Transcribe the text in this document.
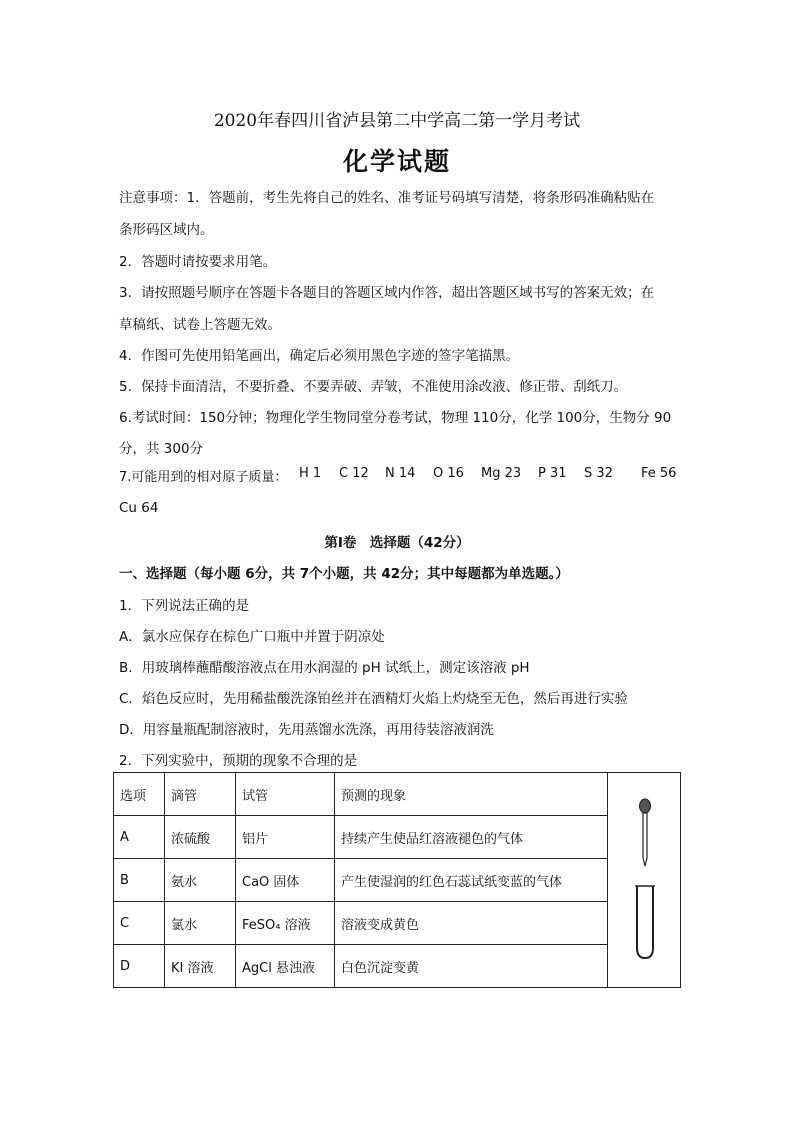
2020年春四川省泸县第二中学高二第一学月考试
化学试题
注意事项：1．答题前，考生先将自己的姓名、准考证号码填写清楚，将条形码准确粘贴在
条形码区域内。
2．答题时请按要求用笔。
3．请按照题号顺序在答题卡各题目的答题区域内作答，超出答题区域书写的答案无效；在
草稿纸、试卷上答题无效。
4．作图可先使用铅笔画出，确定后必须用黑色字迹的签字笔描黑。
5．保持卡面清洁，不要折叠、不要弄破、弄皱，不准使用涂改液、修正带、刮纸刀。
6.考试时间：150分钟；物理化学生物同堂分卷考试，物理 110分，化学 100分，生物分 90
分，共 300分
7.可能用到的相对原子质量： H 1 C 12 N 14 O 16 Mg 23 P 31 S 32 Fe 56
Cu 64
第Ⅰ卷　选择题（42分）
一、选择题（每小题 6分，共 7个小题，共 42分；其中每题都为单选题。）
1．下列说法正确的是
A．氯水应保存在棕色广口瓶中并置于阴凉处
B．用玻璃棒蘸醋酸溶液点在用水润湿的 pH 试纸上，测定该溶液 pH
C．焰色反应时，先用稀盐酸洗涤铂丝并在酒精灯火焰上灼烧至无色，然后再进行实验
D．用容量瓶配制溶液时，先用蒸馏水洗涤，再用待装溶液润洗
2．下列实验中，预期的现象不合理的是
选项	滴管	试管	预测的现象	
A	浓硫酸	铝片	持续产生使品红溶液褪色的气体	
B	氨水	CaO 固体	产生使湿润的红色石蕊试纸变蓝的气体	
C	氯水	FeSO₄ 溶液	溶液变成黄色	
D	KI 溶液	AgCl 悬浊液	白色沉淀变黄	
